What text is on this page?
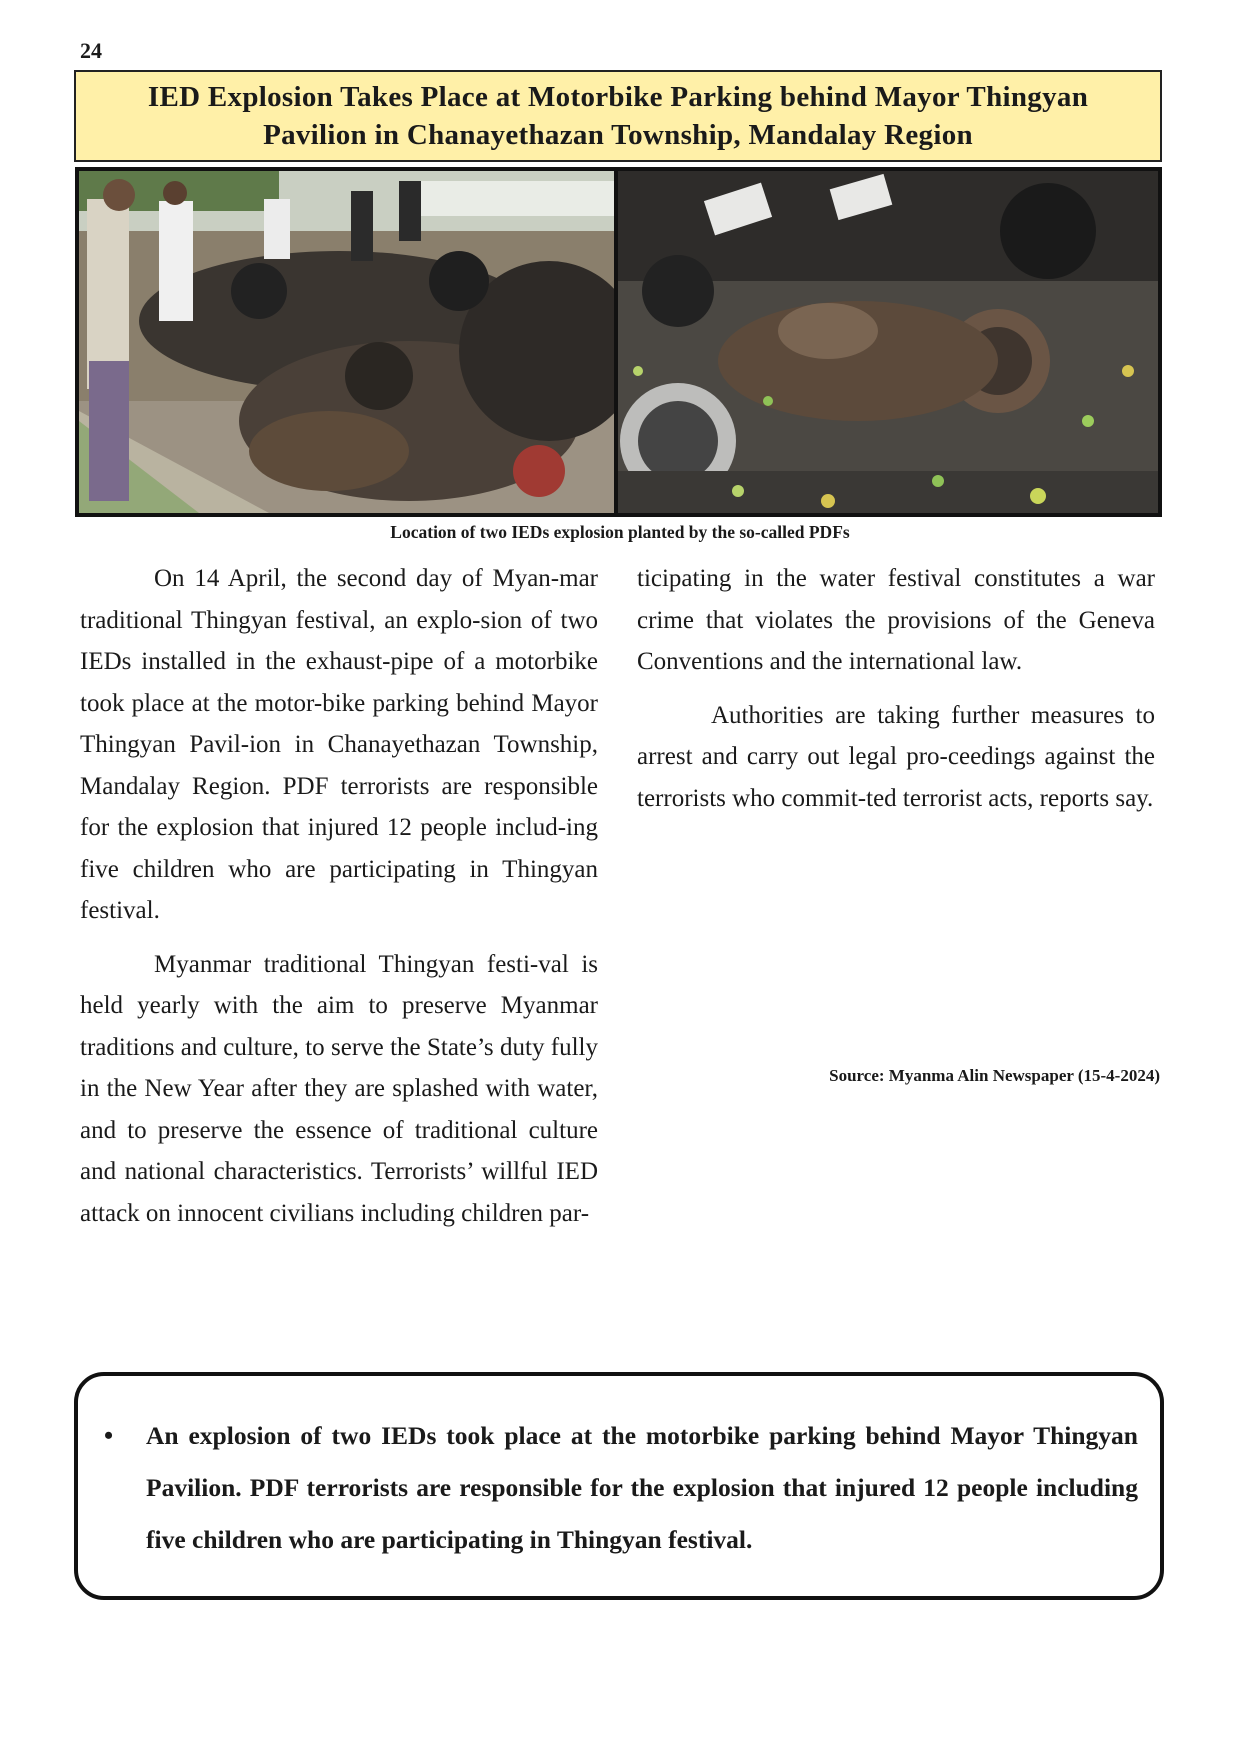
24
IED Explosion Takes Place at Motorbike Parking behind Mayor Thingyan
Pavilion in Chanayethazan Township, Mandalay Region
Location of two IEDs explosion planted by the so-called PDFs

On 14 April, the second day of Myan-mar traditional Thingyan festival, an explo-sion of two IEDs installed in the exhaust-pipe of a motorbike took place at the motor-bike parking behind Mayor Thingyan Pavil-ion in Chanayethazan Township, Mandalay Region. PDF terrorists are responsible for the explosion that injured 12 people includ-ing five children who are participating in Thingyan festival.

Myanmar traditional Thingyan festi-val is held yearly with the aim to preserve Myanmar traditions and culture, to serve the State’s duty fully in the New Year after they are splashed with water, and to preserve the essence of traditional culture and national characteristics. Terrorists’ willful IED attack on innocent civilians including children par-

ticipating in the water festival constitutes a war crime that violates the provisions of the Geneva Conventions and the international law.

Authorities are taking further measures to arrest and carry out legal pro-ceedings against the terrorists who commit-ted terrorist acts, reports say.

Source: Myanma Alin Newspaper (15-4-2024)
• An explosion of two IEDs took place at the motorbike parking behind Mayor Thingyan Pavilion. PDF terrorists are responsible for the explosion that injured 12 people including five children who are participating in Thingyan festival.
